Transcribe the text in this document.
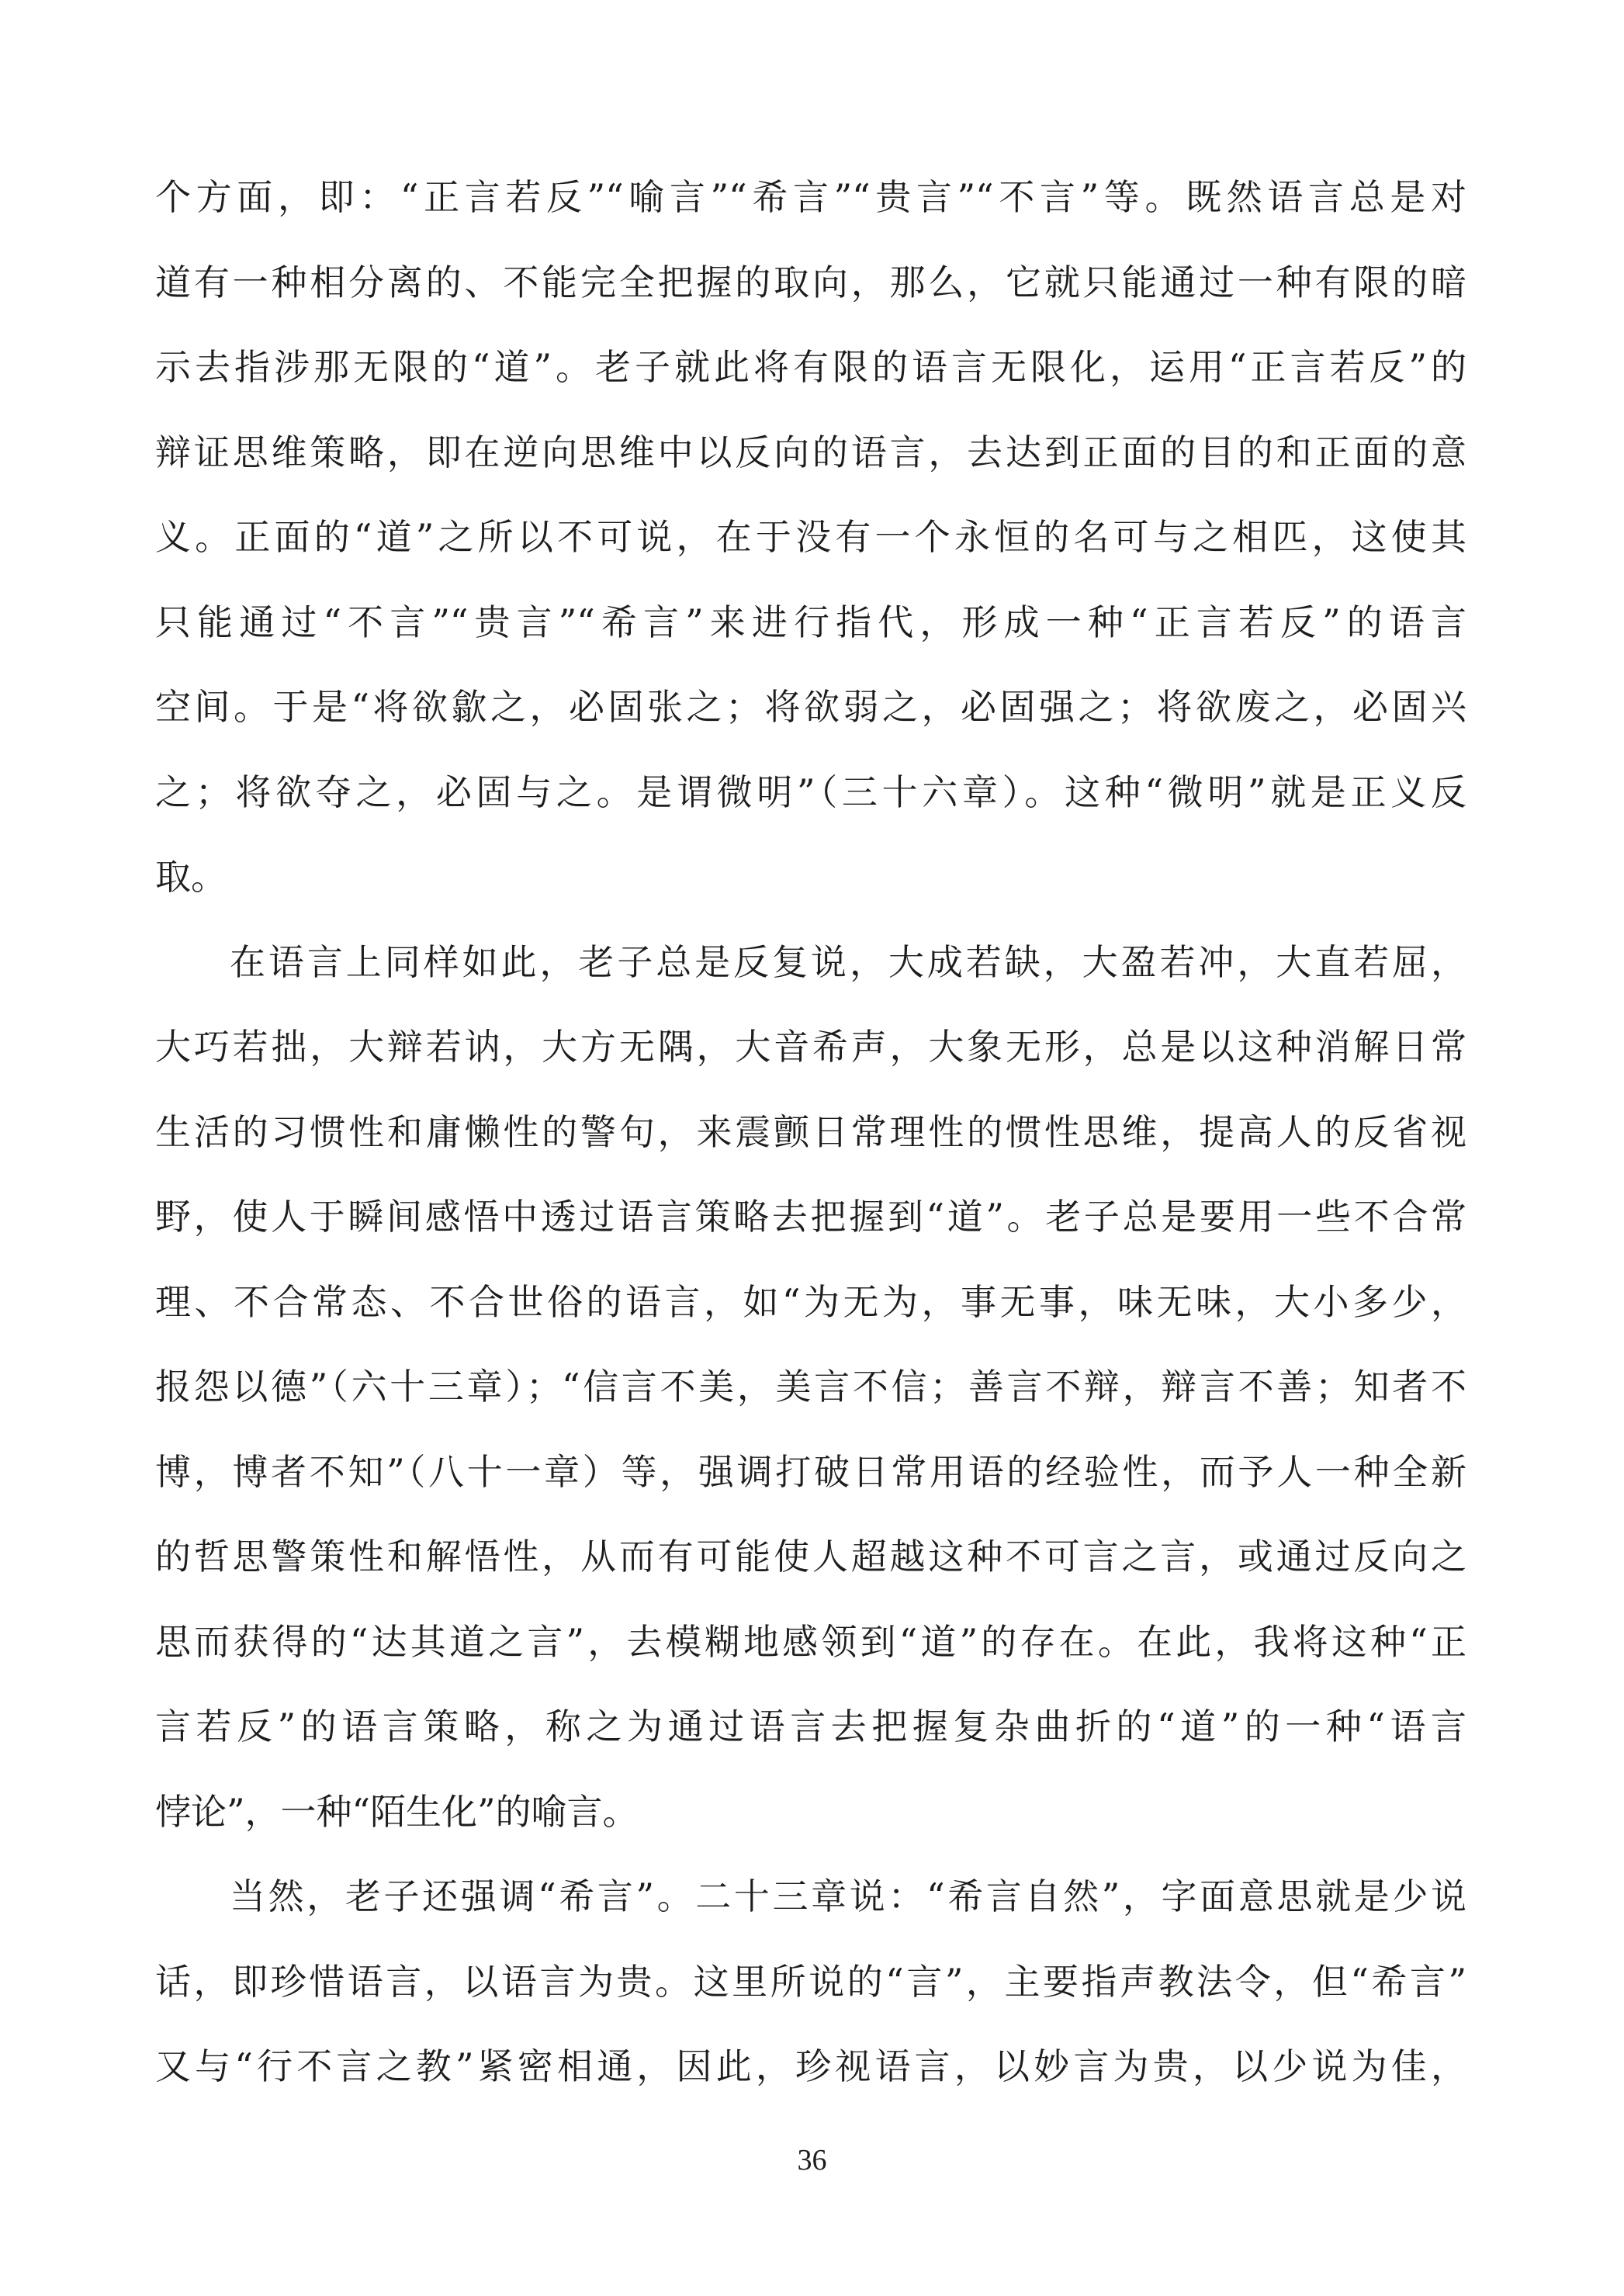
个方面，即：“正言若反”“喻言”“希言”“贵言”“不言”等。既然语言总是对
道有一种相分离的、不能完全把握的取向，那么，它就只能通过一种有限的暗
示去指涉那无限的“道”。老子就此将有限的语言无限化，运用“正言若反”的
辩证思维策略，即在逆向思维中以反向的语言，去达到正面的目的和正面的意
义。正面的“道”之所以不可说，在于没有一个永恒的名可与之相匹，这使其
只能通过“不言”“贵言”“希言”来进行指代，形成一种“正言若反”的语言
空间。于是“将欲歙之，必固张之；将欲弱之，必固强之；将欲废之，必固兴
之；将欲夺之，必固与之。是谓微明”（三十六章）。这种“微明”就是正义反
取。
在语言上同样如此，老子总是反复说，大成若缺，大盈若冲，大直若屈，
大巧若拙，大辩若讷，大方无隅，大音希声，大象无形，总是以这种消解日常
生活的习惯性和庸懒性的警句，来震颤日常理性的惯性思维，提高人的反省视
野，使人于瞬间感悟中透过语言策略去把握到“道”。老子总是要用一些不合常
理、不合常态、不合世俗的语言，如“为无为，事无事，味无味，大小多少，
报怨以德”（六十三章）；“信言不美，美言不信；善言不辩，辩言不善；知者不
博，博者不知”（八十一章）等，强调打破日常用语的经验性，而予人一种全新
的哲思警策性和解悟性，从而有可能使人超越这种不可言之言，或通过反向之
思而获得的“达其道之言”，去模糊地感领到“道”的存在。在此，我将这种“正
言若反”的语言策略，称之为通过语言去把握复杂曲折的“道”的一种“语言
悖论”，一种“陌生化”的喻言。
当然，老子还强调“希言”。二十三章说：“希言自然”，字面意思就是少说
话，即珍惜语言，以语言为贵。这里所说的“言”，主要指声教法令，但“希言”
又与“行不言之教”紧密相通，因此，珍视语言，以妙言为贵，以少说为佳，
36
